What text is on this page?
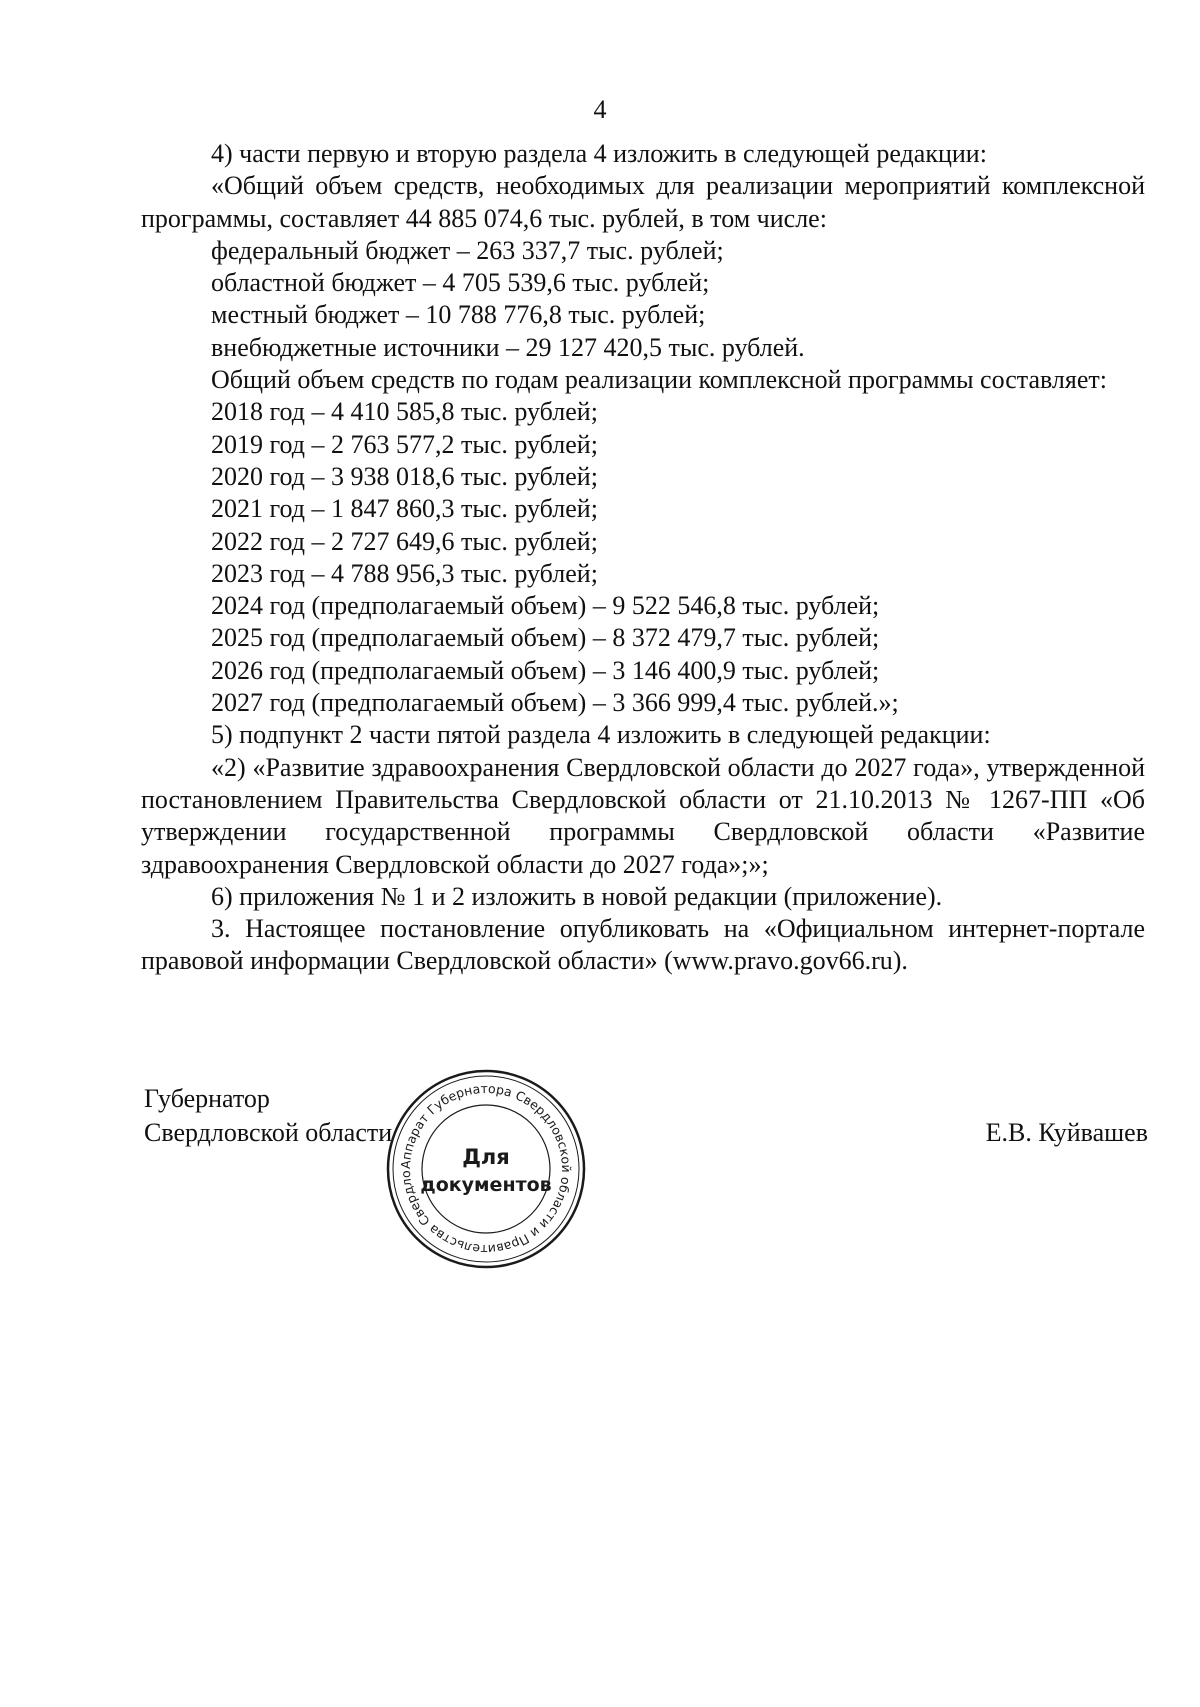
4

4) части первую и вторую раздела 4 изложить в следующей редакции:

«Общий объем средств, необходимых для реализации мероприятий комплексной программы, составляет 44 885 074,6 тыс. рублей, в том числе:

федеральный бюджет – 263 337,7 тыс. рублей;

областной бюджет – 4 705 539,6 тыс. рублей;

местный бюджет – 10 788 776,8 тыс. рублей;

внебюджетные источники – 29 127 420,5 тыс. рублей.

Общий объем средств по годам реализации комплексной программы составляет:

2018 год – 4 410 585,8 тыс. рублей;

2019 год – 2 763 577,2 тыс. рублей;

2020 год – 3 938 018,6 тыс. рублей;

2021 год – 1 847 860,3 тыс. рублей;

2022 год – 2 727 649,6 тыс. рублей;

2023 год – 4 788 956,3 тыс. рублей;

2024 год (предполагаемый объем) – 9 522 546,8 тыс. рублей;

2025 год (предполагаемый объем) – 8 372 479,7 тыс. рублей;

2026 год (предполагаемый объем) – 3 146 400,9 тыс. рублей;

2027 год (предполагаемый объем) – 3 366 999,4 тыс. рублей.»;

5) подпункт 2 части пятой раздела 4 изложить в следующей редакции:

«2) «Развитие здравоохранения Свердловской области до 2027 года», утвержденной постановлением Правительства Свердловской области от 21.10.2013 № 1267-ПП «Об утверждении государственной программы Свердловской области «Развитие здравоохранения Свердловской области до 2027 года»;»;

6) приложения № 1 и 2 изложить в новой редакции (приложение).

3. Настоящее постановление опубликовать на «Официальном интернет-портале правовой информации Свердловской области» (www.pravo.gov66.ru).

Губернатор
Свердловской области
Аппарат Губернатора Свердловской области и Правительства Свердло
Для
документов
Е.В. Куйвашев
